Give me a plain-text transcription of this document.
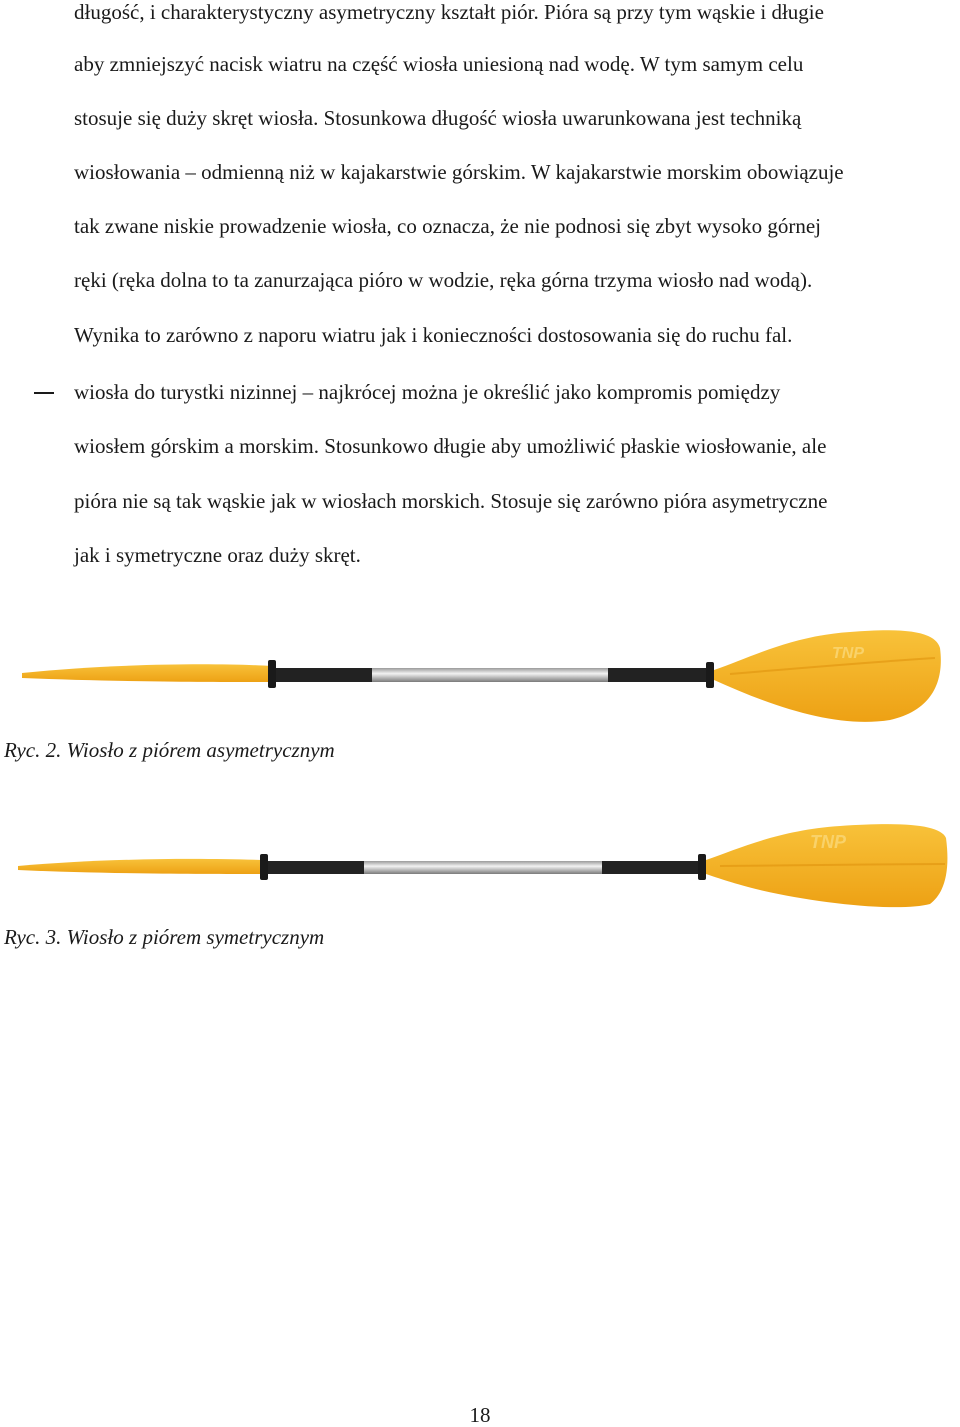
długość, i charakterystyczny asymetryczny kształt piór. Pióra są przy tym wąskie i długie
aby zmniejszyć nacisk wiatru na część wiosła uniesioną nad wodę. W tym samym celu
stosuje się duży skręt wiosła. Stosunkowa długość wiosła uwarunkowana jest techniką
wiosłowania – odmienną niż w kajakarstwie górskim. W kajakarstwie morskim obowiązuje
tak zwane niskie prowadzenie wiosła, co oznacza, że nie podnosi się zbyt wysoko górnej
ręki (ręka dolna to ta zanurzająca pióro w wodzie, ręka górna trzyma wiosło nad wodą).
Wynika to zarówno z naporu wiatru jak i konieczności dostosowania się do ruchu fal.
wiosła do turystki nizinnej – najkrócej można je określić jako kompromis pomiędzy
wiosłem górskim a morskim. Stosunkowo długie aby umożliwić płaskie wiosłowanie, ale
pióra nie są tak wąskie jak w wiosłach morskich. Stosuje się zarówno pióra asymetryczne
jak i symetryczne oraz duży skręt.
TNP
Ryc. 2. Wiosło z piórem asymetrycznym
TNP
Ryc. 3. Wiosło z piórem symetrycznym
18
